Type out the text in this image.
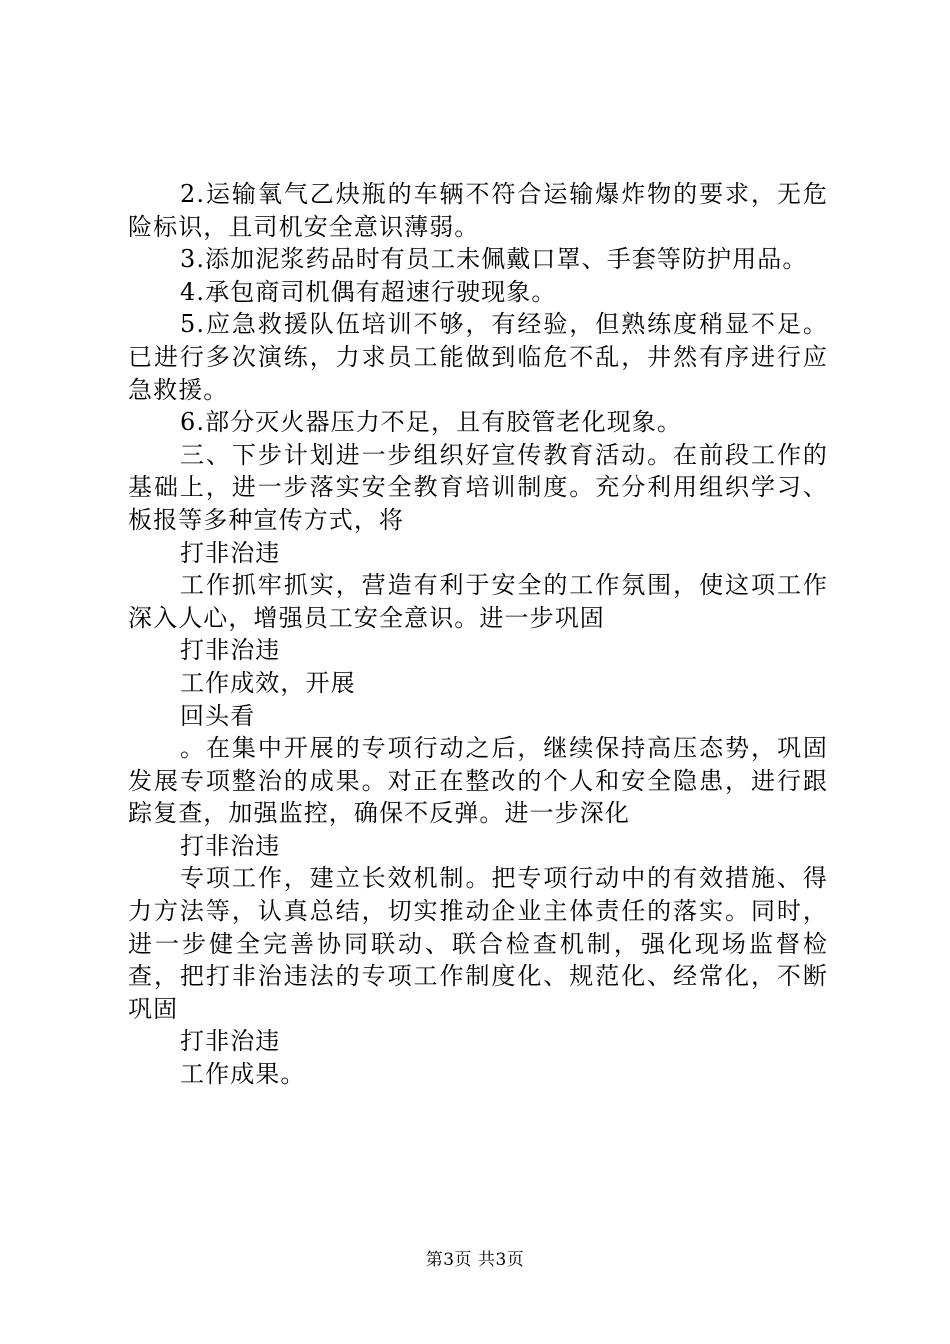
2.运输氧气乙炔瓶的车辆不符合运输爆炸物的要求，无危险标识，且司机安全意识薄弱。

3.添加泥浆药品时有员工未佩戴口罩、手套等防护用品。

4.承包商司机偶有超速行驶现象。

5.应急救援队伍培训不够，有经验，但熟练度稍显不足。已进行多次演练，力求员工能做到临危不乱，井然有序进行应急救援。

6.部分灭火器压力不足，且有胶管老化现象。

三、下步计划进一步组织好宣传教育活动。在前段工作的基础上，进一步落实安全教育培训制度。充分利用组织学习、板报等多种宣传方式，将

打非治违

工作抓牢抓实，营造有利于安全的工作氛围，使这项工作深入人心，增强员工安全意识。进一步巩固

打非治违

工作成效，开展

回头看

。在集中开展的专项行动之后，继续保持高压态势，巩固发展专项整治的成果。对正在整改的个人和安全隐患，进行跟踪复查，加强监控，确保不反弹。进一步深化

打非治违

专项工作，建立长效机制。把专项行动中的有效措施、得力方法等，认真总结，切实推动企业主体责任的落实。同时，进一步健全完善协同联动、联合检查机制，强化现场监督检查，把打非治违法的专项工作制度化、规范化、经常化，不断巩固

打非治违

工作成果。

第3页 共3页
